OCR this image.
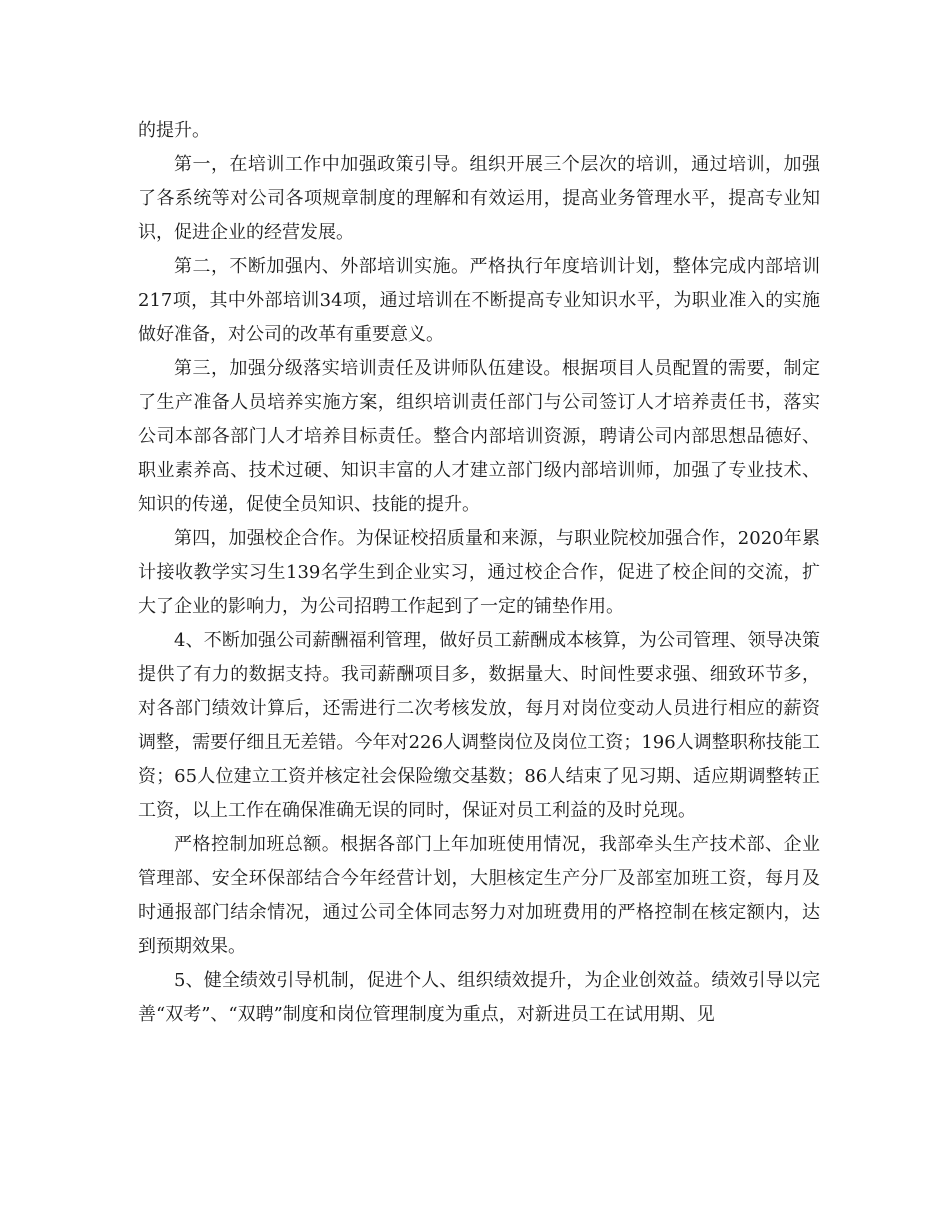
的提升。

第一，在培训工作中加强政策引导。组织开展三个层次的培训，通过培训，加强了各系统等对公司各项规章制度的理解和有效运用，提高业务管理水平，提高专业知识，促进企业的经营发展。

第二，不断加强内、外部培训实施。严格执行年度培训计划，整体完成内部培训217项，其中外部培训34项，通过培训在不断提高专业知识水平，为职业准入的实施做好准备，对公司的改革有重要意义。

第三，加强分级落实培训责任及讲师队伍建设。根据项目人员配置的需要，制定了生产准备人员培养实施方案，组织培训责任部门与公司签订人才培养责任书，落实公司本部各部门人才培养目标责任。整合内部培训资源，聘请公司内部思想品德好、职业素养高、技术过硬、知识丰富的人才建立部门级内部培训师，加强了专业技术、知识的传递，促使全员知识、技能的提升。

第四，加强校企合作。为保证校招质量和来源，与职业院校加强合作，2020年累计接收教学实习生139名学生到企业实习，通过校企合作，促进了校企间的交流，扩大了企业的影响力，为公司招聘工作起到了一定的铺垫作用。

4、不断加强公司薪酬福利管理，做好员工薪酬成本核算，为公司管理、领导决策提供了有力的数据支持。我司薪酬项目多，数据量大、时间性要求强、细致环节多，对各部门绩效计算后，还需进行二次考核发放，每月对岗位变动人员进行相应的薪资调整，需要仔细且无差错。今年对226人调整岗位及岗位工资；196人调整职称技能工资；65人位建立工资并核定社会保险缴交基数；86人结束了见习期、适应期调整转正工资，以上工作在确保准确无误的同时，保证对员工利益的及时兑现。

严格控制加班总额。根据各部门上年加班使用情况，我部牵头生产技术部、企业管理部、安全环保部结合今年经营计划，大胆核定生产分厂及部室加班工资，每月及时通报部门结余情况，通过公司全体同志努力对加班费用的严格控制在核定额内，达到预期效果。

5、健全绩效引导机制，促进个人、组织绩效提升，为企业创效益。绩效引导以完善“双考”、“双聘”制度和岗位管理制度为重点，对新进员工在试用期、见
